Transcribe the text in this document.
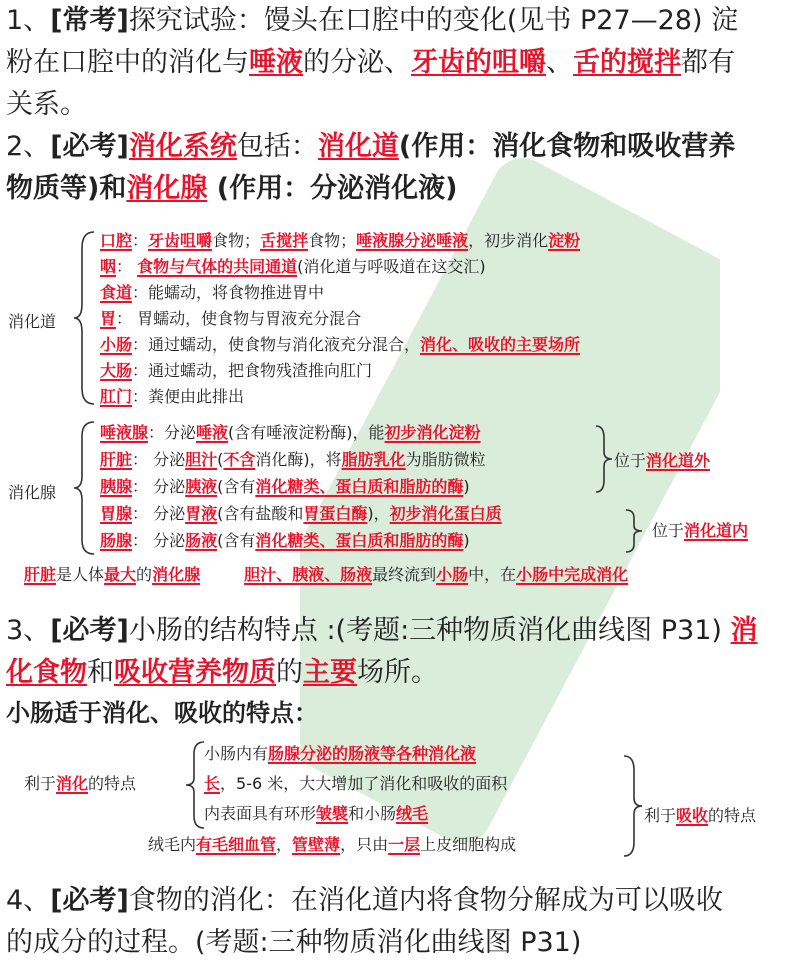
1、[常考]探究试验：馒头在口腔中的变化(见书 P27—28) 淀
粉在口腔中的消化与唾液的分泌、牙齿的咀嚼、舌的搅拌都有
关系。
2、[必考]消化系统包括：消化道(作用：消化食物和吸收营养
物质等)和消化腺 (作用：分泌消化液)
消化道
口腔：牙齿咀嚼食物；舌搅拌食物；唾液腺分泌唾液，初步消化淀粉
咽： 食物与气体的共同通道(消化道与呼吸道在这交汇)
食道：能蠕动，将食物推进胃中
胃： 胃蠕动，使食物与胃液充分混合
小肠：通过蠕动，使食物与消化液充分混合，消化、吸收的主要场所
大肠：通过蠕动，把食物残渣推向肛门
肛门：粪便由此排出
消化腺
唾液腺：分泌唾液(含有唾液淀粉酶)，能初步消化淀粉
肝脏： 分泌胆汁(不含消化酶)，将脂肪乳化为脂肪微粒
胰腺： 分泌胰液(含有消化糖类、蛋白质和脂肪的酶)
胃腺： 分泌胃液(含有盐酸和胃蛋白酶)，初步消化蛋白质
肠腺： 分泌肠液(含有消化糖类、蛋白质和脂肪的酶)
位于消化道外
位于消化道内
肝脏是人体最大的消化腺	胆汁、胰液、肠液最终流到小肠中，在小肠中完成消化
3、[必考]小肠的结构特点 :(考题:三种物质消化曲线图 P31) 消
化食物和吸收营养物质的主要场所。
小肠适于消化、吸收的特点：
利于消化的特点
小肠内有肠腺分泌的肠液等各种消化液
长，5-6 米，大大增加了消化和吸收的面积
内表面具有环形皱襞和小肠绒毛
绒毛内有毛细血管，管壁薄，只由一层上皮细胞构成
利于吸收的特点
4、[必考]食物的消化：在消化道内将食物分解成为可以吸收
的成分的过程。(考题:三种物质消化曲线图 P31)
